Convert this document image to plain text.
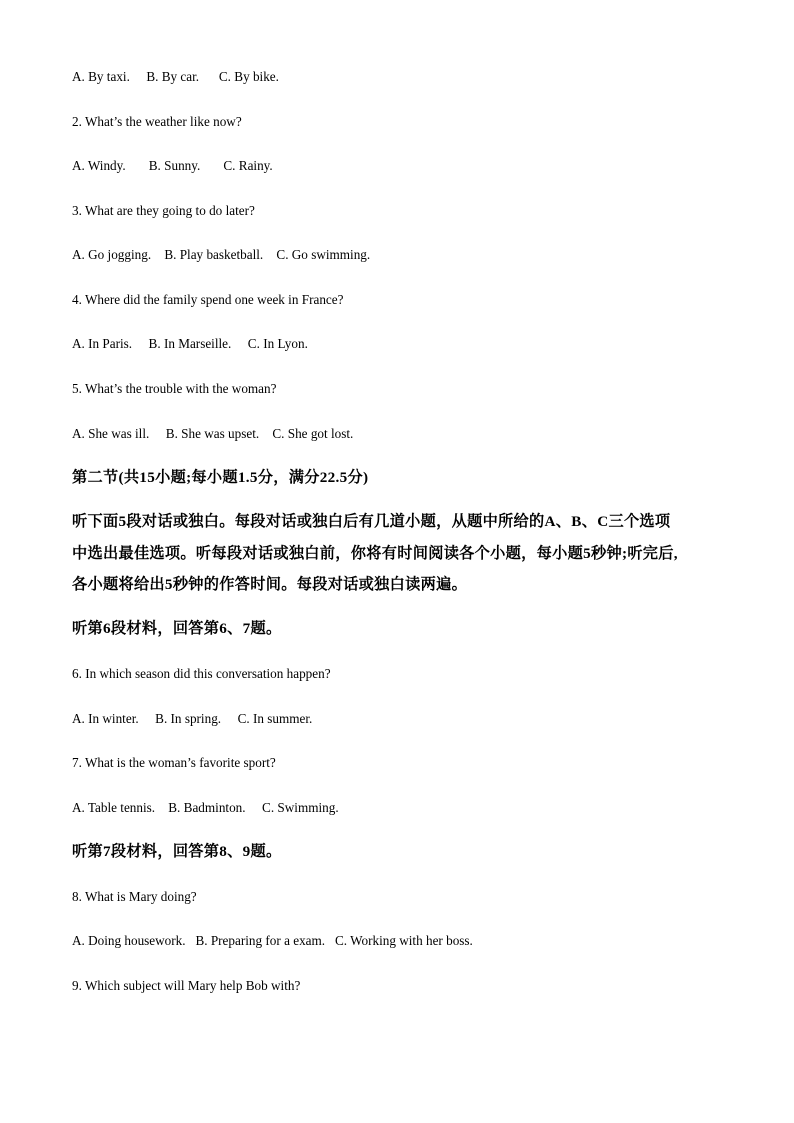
A. By taxi.     B. By car.      C. By bike.
2. What’s the weather like now?
A. Windy.       B. Sunny.       C. Rainy.
3. What are they going to do later?
A. Go jogging.    B. Play basketball.    C. Go swimming.
4. Where did the family spend one week in France?
A. In Paris.     B. In Marseille.     C. In Lyon.
5. What’s the trouble with the woman?
A. She was ill.     B. She was upset.    C. She got lost.
第二节(共15小题;每小题1.5分，满分22.5分)
听下面5段对话或独白。每段对话或独白后有几道小题，从题中所给的A、B、C三个选项
中选出最佳选项。听每段对话或独白前，你将有时间阅读各个小题，每小题5秒钟;听完后,
各小题将给出5秒钟的作答时间。每段对话或独白读两遍。
听第6段材料，回答第6、7题。
6. In which season did this conversation happen?
A. In winter.     B. In spring.     C. In summer.
7. What is the woman’s favorite sport?
A. Table tennis.    B. Badminton.     C. Swimming.
听第7段材料，回答第8、9题。
8. What is Mary doing?
A. Doing housework.   B. Preparing for a exam.   C. Working with her boss.
9. Which subject will Mary help Bob with?
